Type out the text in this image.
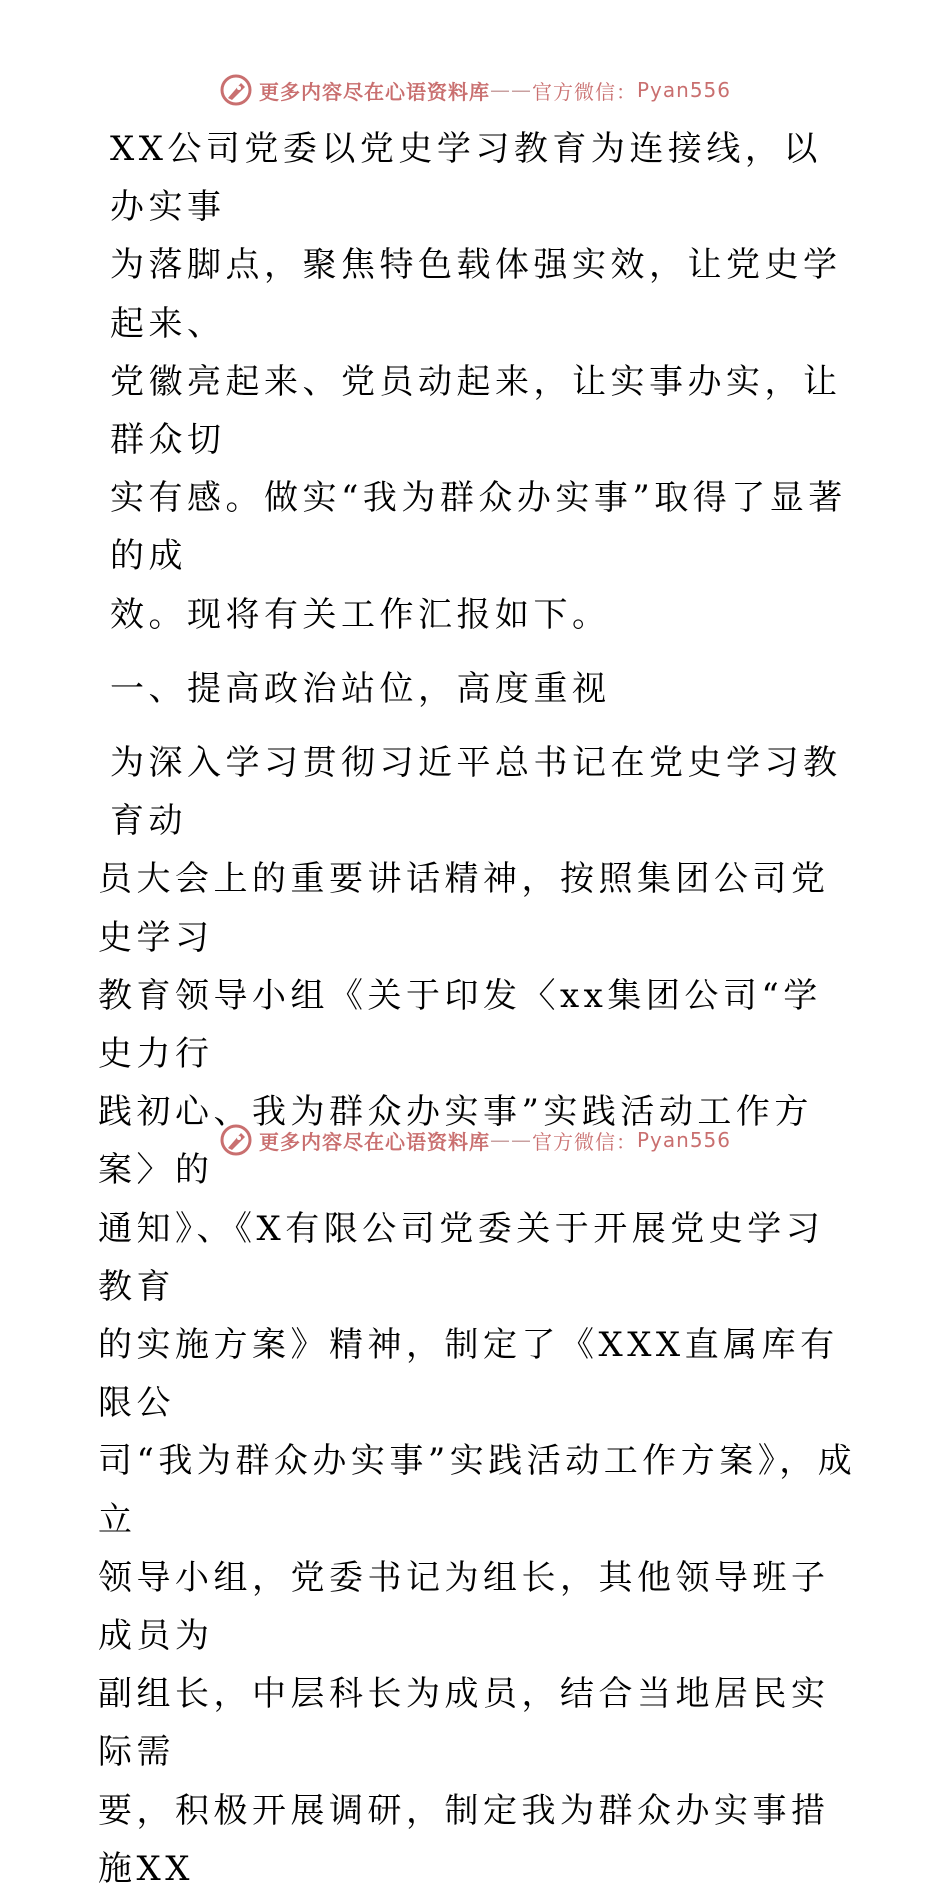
更多内容尽在心语资料库 —— 官方微信： Pyan556
XX公司党委以党史学习教育为连接线，以办实事
为落脚点，聚焦特色载体强实效，让党史学起来、
党徽亮起来、党员动起来，让实事办实，让群众切
实有感。做实“我为群众办实事”取得了显著的成
效。现将有关工作汇报如下。
一、提高政治站位，高度重视
为深入学习贯彻习近平总书记在党史学习教育动
员大会上的重要讲话精神，按照集团公司党史学习
教育领导小组《关于印发〈xx集团公司“学史力行
践初心、我为群众办实事”实践活动工作方案〉的
通知》、《X有限公司党委关于开展党史学习教育
的实施方案》精神，制定了《XXX直属库有限公
司“我为群众办实事”实践活动工作方案》，成立
领导小组，党委书记为组长，其他领导班子成员为
副组长，中层科长为成员，结合当地居民实际需
要，积极开展调研，制定我为群众办实事措施XX
更多内容尽在心语资料库 —— 官方微信： Pyan556
